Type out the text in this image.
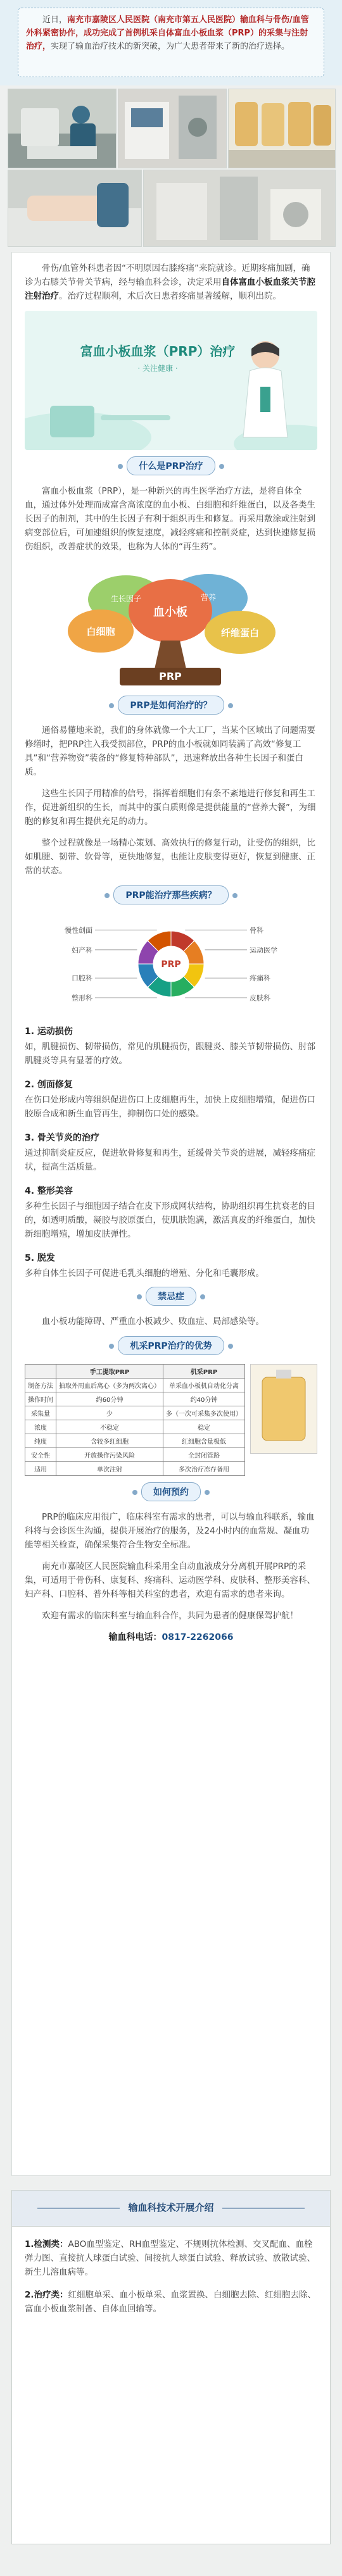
近日，南充市嘉陵区人民医院（南充市第五人民医院）输血科与骨伤/血管外科紧密协作，成功完成了首例机采自体富血小板血浆（PRP）的采集与注射治疗，实现了输血治疗技术的新突破，为广大患者带来了新的治疗选择。

骨伤/血管外科患者因“不明原因右膝疼痛”来院就诊。近期疼痛加剧，确诊为右膝关节骨关节病，经与输血科会诊，决定采用自体富血小板血浆关节腔注射治疗。治疗过程顺利，术后次日患者疼痛显著缓解，顺利出院。

富血小板血浆（PRP）治疗
· 关注健康 ·
什么是PRP治疗

富血小板血浆（PRP），是一种新兴的再生医学治疗方法，是将自体全血，通过体外处理而成富含高浓度的血小板、白细胞和纤维蛋白，以及各类生长因子的制剂，其中的生长因子有利于组织再生和修复。再采用敷涂或注射到病变部位后，可加速组织的恢复速度，减轻疼痛和控制炎症，达到快速修复损伤组织，改善症状的效果，也称为人体的“再生药”。

血小板
白细胞	纤维蛋白
生长因子	营养
PRP
PRP是如何治疗的？

通俗易懂地来说，我们的身体就像一个大工厂，当某个区域出了问题需要修缮时，把PRP注入我受损部位，PRP的血小板就如同装满了高效“修复工具”和“营养物资”装备的“修复特种部队”，迅速释放出各种生长因子和蛋白质。

这些生长因子用精准的信号，指挥着细胞们有条不紊地进行修复和再生工作，促进新组织的生长，而其中的蛋白质则像是提供能量的“营养大餐”，为细胞的修复和再生提供充足的动力。

整个过程就像是一场精心策划、高效执行的修复行动，让受伤的组织，比如肌腱、韧带、软骨等，更快地修复，也能让皮肤变得更好，恢复到健康、正常的状态。

PRP能治疗那些疾病？
骨科
运动医学
疼痛科
皮肤科
整形科
口腔科
妇产科
慢性创面
PRP
1. 运动损伤

如，肌腱损伤、韧带损伤，常见的肌腱损伤，跟腱炎、膝关节韧带损伤、肘部肌腱炎等具有显著的疗效。

2. 创面修复

在伤口处形成内等组织促进伤口上皮细胞再生，加快上皮细胞增殖，促进伤口胶原合成和新生血管再生，抑制伤口处的感染。

3. 骨关节炎的治疗

通过抑制炎症反应，促进软骨修复和再生，延缓骨关节炎的进展，减轻疼痛症状，提高生活质量。

4. 整形美容

多种生长因子与细胞因子结合在皮下形成网状结构，协助组织再生抗衰老的目的，如透明质酸，凝胶与胶原蛋白，使肌肤饱满，激活真皮的纤维蛋白，加快新细胞增殖，增加皮肤弹性。

5. 脱发

多种自体生长因子可促进毛乳头细胞的增殖、分化和毛囊形成。

禁忌症

血小板功能障碍、严重血小板减少、败血症、局部感染等。

机采PRP治疗的优势
	手工提取PRP	机采PRP
制备方法	抽取外周血后离心（多为两次离心）	单采血小板机自动化分离
操作时间	约60分钟	约40分钟
采集量	少	多（一次可采集多次使用）
浓度	不稳定	稳定
纯度	含较多红细胞	红细胞含量极低
安全性	开放操作污染风险	全封闭管路
适用	单次注射	多次治疗冻存备用
如何预约

PRP的临床应用很广，临床科室有需求的患者，可以与输血科联系，输血科将与会诊医生沟通，提供开展治疗的服务，及24小时内的血常规、凝血功能等相关检查，确保采集符合生物安全标准。

南充市嘉陵区人民医院输血科采用全自动血液成分分离机开展PRP的采集，可适用于骨伤科、康复科、疼痛科、运动医学科、皮肤科、整形美容科、妇产科、口腔科、普外科等相关科室的患者，欢迎有需求的患者来询。

欢迎有需求的临床科室与输血科合作，共同为患者的健康保驾护航！

输血科电话：0817-2262066
输血科技术开展介绍

1.检测类：ABO血型鉴定、RH血型鉴定、不规则抗体检测、交叉配血、血栓弹力图、直接抗人球蛋白试验、间接抗人球蛋白试验、释放试验、放散试验、新生儿溶血病等。

2.治疗类：红细胞单采、血小板单采、血浆置换、白细胞去除、红细胞去除、富血小板血浆制备、自体血回输等。
